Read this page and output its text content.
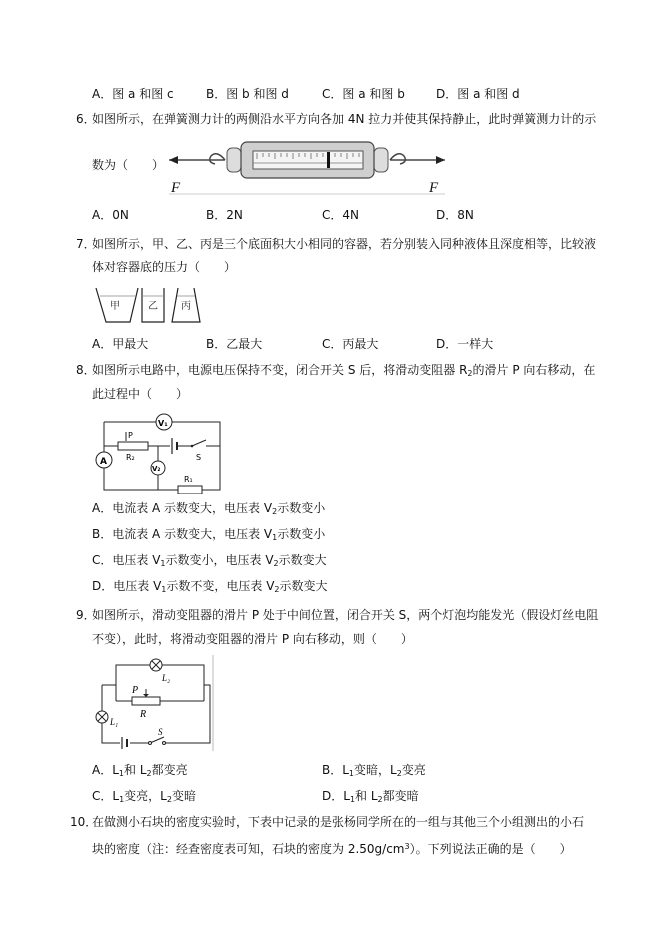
A．图 a 和图 c	B．图 b 和图 d	C．图 a 和图 b	D．图 a 和图 d
6．
如图所示，在弹簧测力计的两侧沿水平方向各加 4N 拉力并使其保持静止，此时弹簧测力计的示
数为（　　）
F	F
A．0N	B．2N	C．4N	D．8N
7．
如图所示，甲、乙、丙是三个底面积大小相同的容器，若分别装入同种液体且深度相等，比较液
体对容器底的压力（　　）
甲	乙 丙
A．甲最大	B．乙最大	C．丙最大	D．一样大
8．
如图所示电路中，电源电压保持不变，闭合开关 S 后，将滑动变阻器 $R_2$的滑片 P 向右移动，在
此过程中（　　）
V₁
A
P
R₂	S
V₂
R₁
A．电流表 A 示数变大，电压表 $V_2$示数变小
B．电流表 A 示数变大，电压表 $V_1$示数变小
C．电压表 $V_1$示数变小，电压表 $V_2$示数变大
D．电压表 $V_1$示数不变，电压表 $V_2$示数变大
9．
如图所示，滑动变阻器的滑片 P 处于中间位置，闭合开关 S，两个灯泡均能发光（假设灯丝电阻
不变），此时，将滑动变阻器的滑片 P 向右移动，则（　　）
L₂
L₁
P
R
S
A．$L_1$和 $L_2$都变亮	B．$L_1$变暗，$L_2$变亮
C．$L_1$变亮，$L_2$变暗	D．$L_1$和 $L_2$都变暗
10．
在做测小石块的密度实验时，下表中记录的是张杨同学所在的一组与其他三个小组测出的小石
块的密度（注：经查密度表可知，石块的密度为 $2.50g/cm^3$）。下列说法正确的是（　　）
